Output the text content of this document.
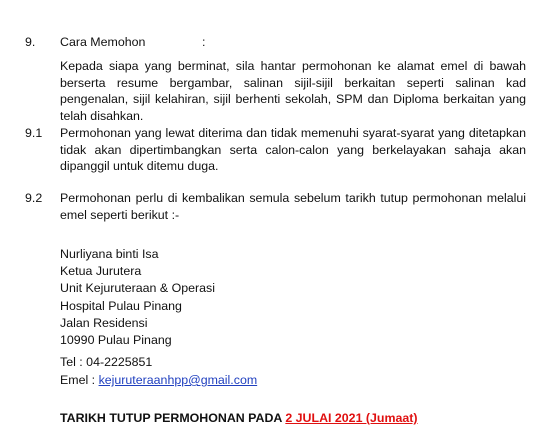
9. Cara Memohon	:
Kepada siapa yang berminat, sila hantar permohonan ke alamat emel di bawah berserta resume bergambar, salinan sijil-sijil berkaitan seperti salinan kad pengenalan, sijil kelahiran, sijil berhenti sekolah, SPM dan Diploma berkaitan yang telah disahkan.
9.1 Permohonan yang lewat diterima dan tidak memenuhi syarat-syarat yang ditetapkan tidak akan dipertimbangkan serta calon-calon yang berkelayakan sahaja akan dipanggil untuk ditemu duga.
9.2 Permohonan perlu di kembalikan semula sebelum tarikh tutup permohonan melalui emel seperti berikut :-
Nurliyana binti Isa
Ketua Jurutera
Unit Kejuruteraan & Operasi
Hospital Pulau Pinang
Jalan Residensi
10990 Pulau Pinang
Tel : 04-2225851
Emel : kejuruteraanhpp@gmail.com
TARIKH TUTUP PERMOHONAN PADA 2 JULAI 2021 (Jumaat)
